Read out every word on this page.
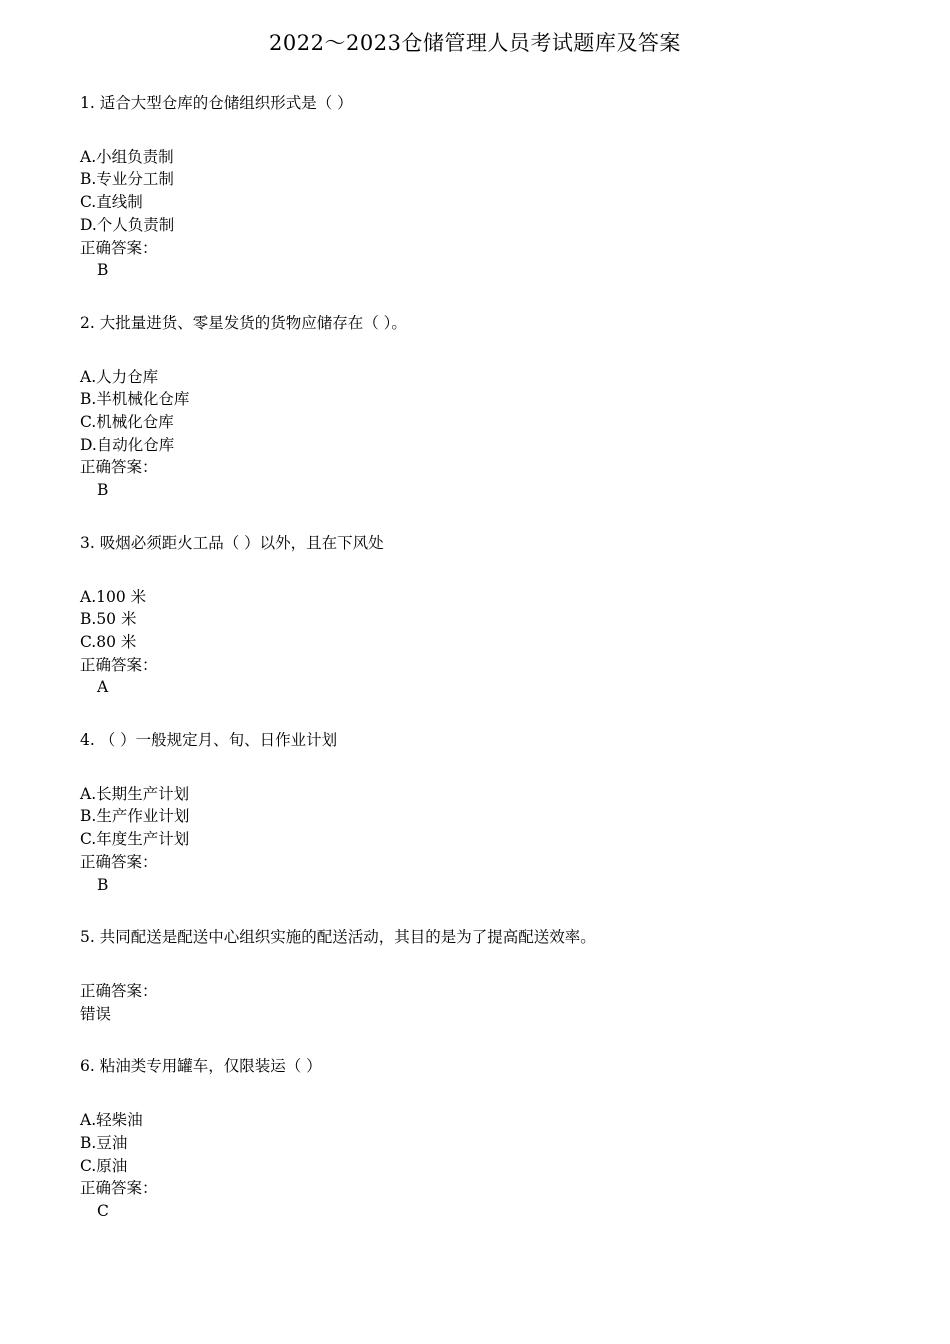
2022～2023仓储管理人员考试题库及答案

1. 适合大型仓库的仓储组织形式是（ ）

A.小组负责制
B.专业分工制
C.直线制
D.个人负责制
正确答案：
B

2. 大批量进货、零星发货的货物应储存在（ ）。

A.人力仓库
B.半机械化仓库
C.机械化仓库
D.自动化仓库
正确答案：
B

3. 吸烟必须距火工品（ ）以外，且在下风处

A.100 米
B.50 米
C.80 米
正确答案：
A

4. （ ）一般规定月、旬、日作业计划

A.长期生产计划
B.生产作业计划
C.年度生产计划
正确答案：
B

5. 共同配送是配送中心组织实施的配送活动，其目的是为了提高配送效率。

正确答案：
错误

6. 粘油类专用罐车，仅限装运（ ）

A.轻柴油
B.豆油
C.原油
正确答案：
C
